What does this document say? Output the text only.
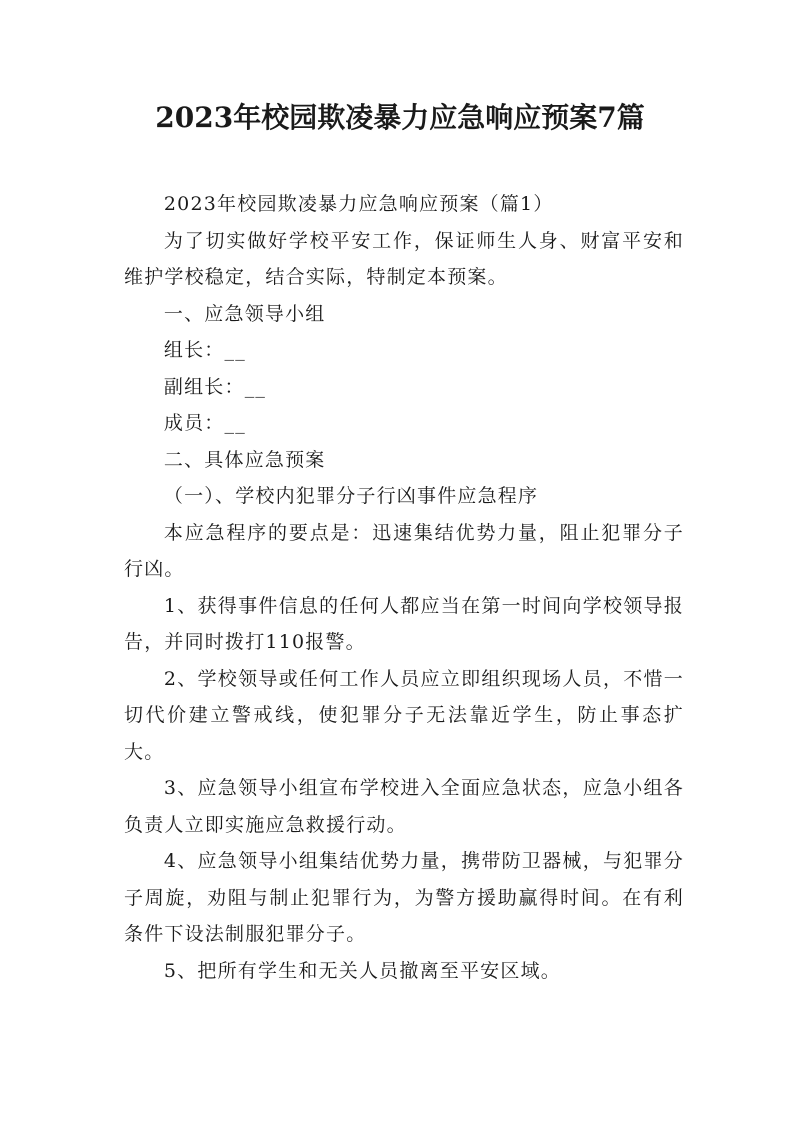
2023年校园欺凌暴力应急响应预案7篇

2023年校园欺凌暴力应急响应预案（篇1）

为了切实做好学校平安工作，保证师生人身、财富平安和维护学校稳定，结合实际，特制定本预案。

一、应急领导小组

组长：__

副组长：__

成员：__

二、具体应急预案

（一）、学校内犯罪分子行凶事件应急程序

本应急程序的要点是：迅速集结优势力量，阻止犯罪分子行凶。

1、获得事件信息的任何人都应当在第一时间向学校领导报告，并同时拨打110报警。

2、学校领导或任何工作人员应立即组织现场人员，不惜一切代价建立警戒线，使犯罪分子无法靠近学生，防止事态扩大。

3、应急领导小组宣布学校进入全面应急状态，应急小组各负责人立即实施应急救援行动。

4、应急领导小组集结优势力量，携带防卫器械，与犯罪分子周旋，劝阻与制止犯罪行为，为警方援助赢得时间。在有利条件下设法制服犯罪分子。

5、把所有学生和无关人员撤离至平安区域。
